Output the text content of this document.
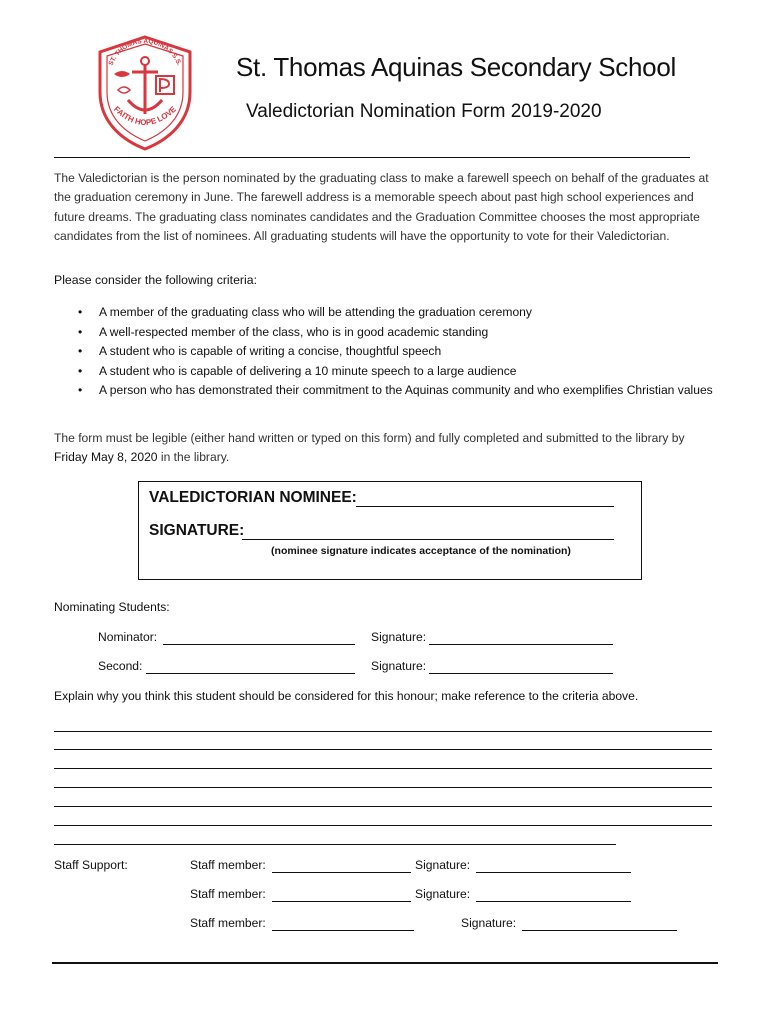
ST. THOMAS AQUINAS S.S.
FAITH HOPE LOVE
St. Thomas Aquinas Secondary School
Valedictorian Nomination Form 2019-2020
The Valedictorian is the person nominated by the graduating class to make a farewell speech on behalf of the graduates at the graduation ceremony in June. The farewell address is a memorable speech about past high school experiences and future dreams. The graduating class nominates candidates and the Graduation Committee chooses the most appropriate candidates from the list of nominees. All graduating students will have the opportunity to vote for their Valedictorian.
Please consider the following criteria:
• A member of the graduating class who will be attending the graduation ceremony
• A well-respected member of the class, who is in good academic standing
• A student who is capable of writing a concise, thoughtful speech
• A student who is capable of delivering a 10 minute speech to a large audience
• A person who has demonstrated their commitment to the Aquinas community and who exemplifies Christian values
The form must be legible (either hand written or typed on this form) and fully completed and submitted to the library by Friday May 8, 2020 in the library.
VALEDICTORIAN NOMINEE:
SIGNATURE:
(nominee signature indicates acceptance of the nomination)
Nominating Students:
Nominator:	Signature:
Second:	Signature:
Explain why you think this student should be considered for this honour; make reference to the criteria above.
Staff Support:	Staff member:	Signature:
Staff member:	Signature:
Staff member:	Signature:
